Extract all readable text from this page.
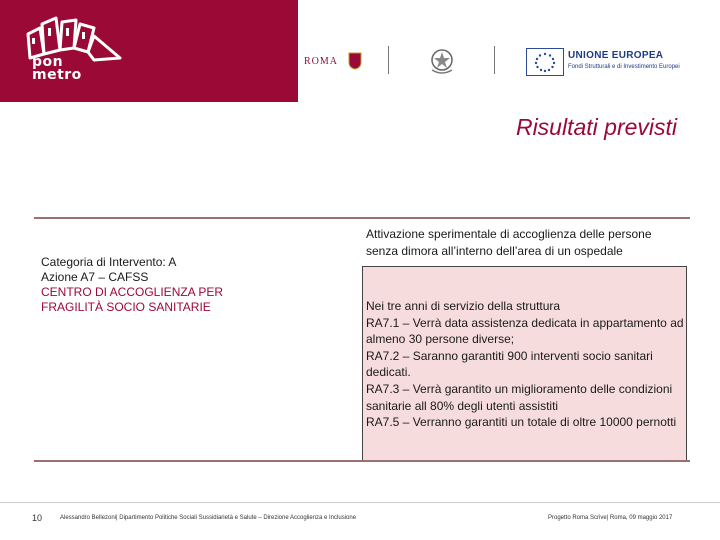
pon
metro
ROMA
UNIONE EUROPEA
Fondi Strutturali e di Investimento Europei
Risultati previsti
Categoria di Intervento: A
Azione A7 – CAFSS
CENTRO DI ACCOGLIENZA PER
FRAGILITÀ SOCIO SANITARIE
Attivazione sperimentale di accoglienza delle persone
senza dimora all’interno dell’area di un ospedale
Nei tre anni di servizio della struttura
RA7.1 – Verrà data assistenza dedicata in appartamento ad
almeno 30 persone diverse;
RA7.2 – Saranno garantiti 900 interventi socio sanitari
dedicati.
RA7.3 – Verrà garantito un miglioramento delle condizioni
sanitarie all 80% degli utenti assistiti
RA7.5 – Verranno garantiti un totale di oltre 10000 pernotti
10	Alessandro Bellezoni| Dipartimento Politiche Sociali Sussidiarietà e Salute – Direzione Accoglienza e Inclusione	Progetto Roma Scrive| Roma, 09 maggio 2017
